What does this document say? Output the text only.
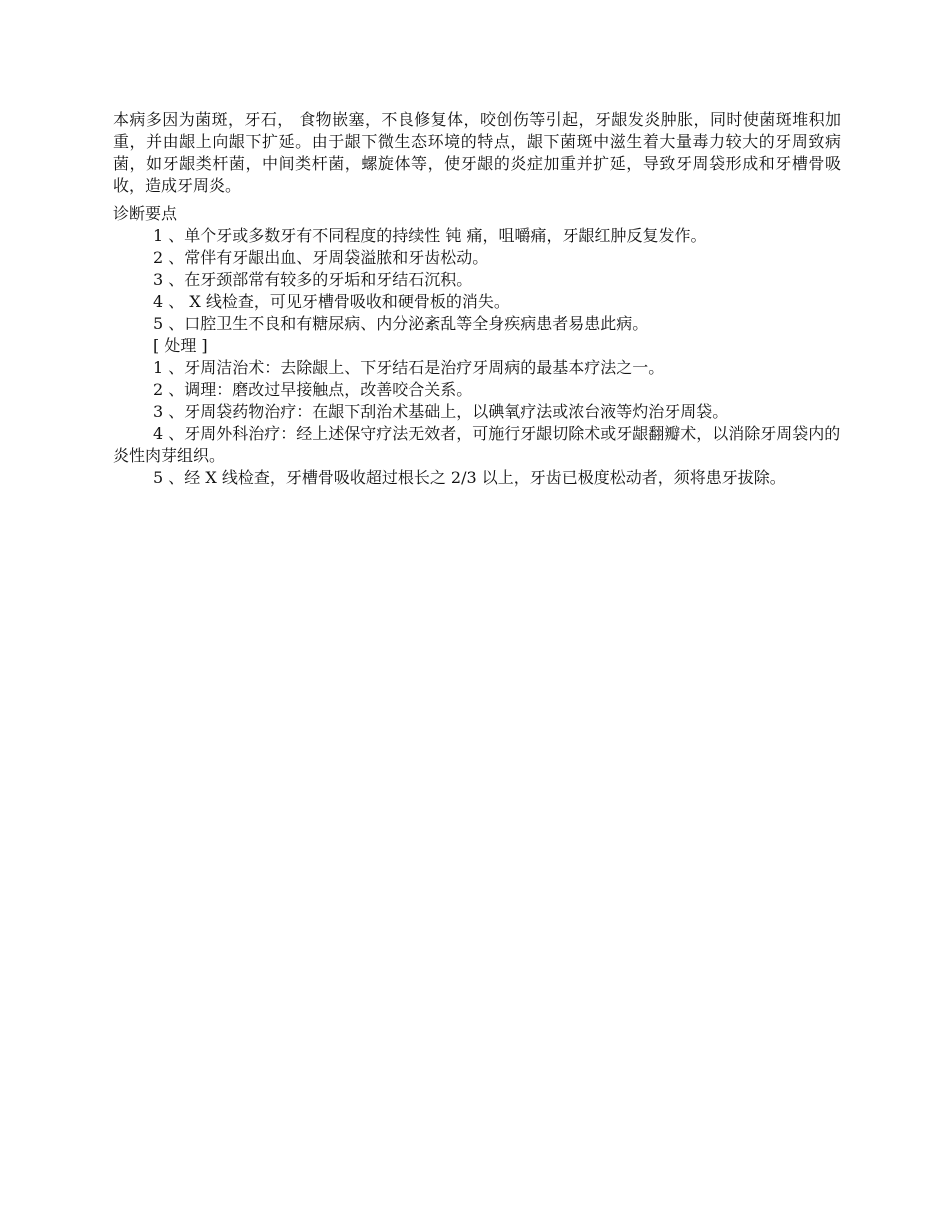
本病多因为菌斑，牙石， 食物嵌塞，不良修复体，咬创伤等引起，牙龈发炎肿胀，同时使菌斑堆积加重，并由龈上向龈下扩延。由于龈下微生态环境的特点，龈下菌斑中滋生着大量毒力较大的牙周致病菌，如牙龈类杆菌，中间类杆菌，螺旋体等，使牙龈的炎症加重并扩延，导致牙周袋形成和牙槽骨吸收，造成牙周炎。

诊断要点

1 、单个牙或多数牙有不同程度的持续性 钝 痛，咀嚼痛，牙龈红肿反复发作。

2 、常伴有牙龈出血、牙周袋溢脓和牙齿松动。

3 、在牙颈部常有较多的牙垢和牙结石沉积。

4 、 X 线检查，可见牙槽骨吸收和硬骨板的消失。

5 、口腔卫生不良和有糖尿病、内分泌紊乱等全身疾病患者易患此病。

[ 处理 ]

1 、牙周洁治术：去除龈上、下牙结石是治疗牙周病的最基本疗法之一。

2 、调理：磨改过早接触点，改善咬合关系。

3 、牙周袋药物治疗：在龈下刮治术基础上，以碘氧疗法或浓台液等灼治牙周袋。

4 、牙周外科治疗：经上述保守疗法无效者，可施行牙龈切除术或牙龈翻瓣术，以消除牙周袋内的炎性肉芽组织。

5 、经 X 线检查，牙槽骨吸收超过根长之 2/3 以上，牙齿已极度松动者，须将患牙拔除。
